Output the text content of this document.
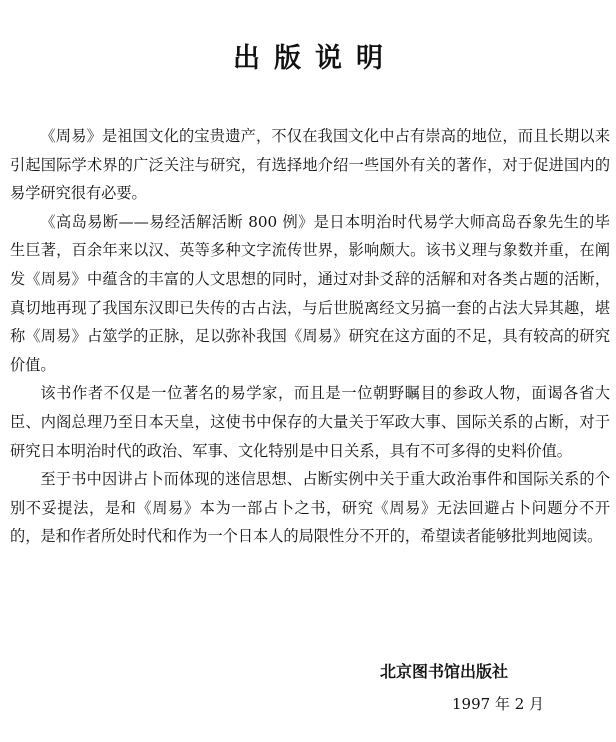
出版说明

《周易》是祖国文化的宝贵遗产，不仅在我国文化中占有崇高的地位，而且长期以来引起国际学术界的广泛关注与研究，有选择地介绍一些国外有关的著作，对于促进国内的易学研究很有必要。

《高岛易断——易经活解活断 800 例》是日本明治时代易学大师高岛吞象先生的毕生巨著，百余年来以汉、英等多种文字流传世界，影响颇大。该书义理与象数并重，在阐发《周易》中蕴含的丰富的人文思想的同时，通过对卦爻辞的活解和对各类占题的活断，真切地再现了我国东汉即已失传的古占法，与后世脱离经文另搞一套的占法大异其趣，堪称《周易》占筮学的正脉，足以弥补我国《周易》研究在这方面的不足，具有较高的研究价值。

该书作者不仅是一位著名的易学家，而且是一位朝野瞩目的参政人物，面谒各省大臣、内阁总理乃至日本天皇，这使书中保存的大量关于军政大事、国际关系的占断，对于研究日本明治时代的政治、军事、文化特别是中日关系，具有不可多得的史料价值。

至于书中因讲占卜而体现的迷信思想、占断实例中关于重大政治事件和国际关系的个别不妥提法，是和《周易》本为一部占卜之书，研究《周易》无法回避占卜问题分不开的，是和作者所处时代和作为一个日本人的局限性分不开的，希望读者能够批判地阅读。

北京图书馆出版社
1997 年 2 月
